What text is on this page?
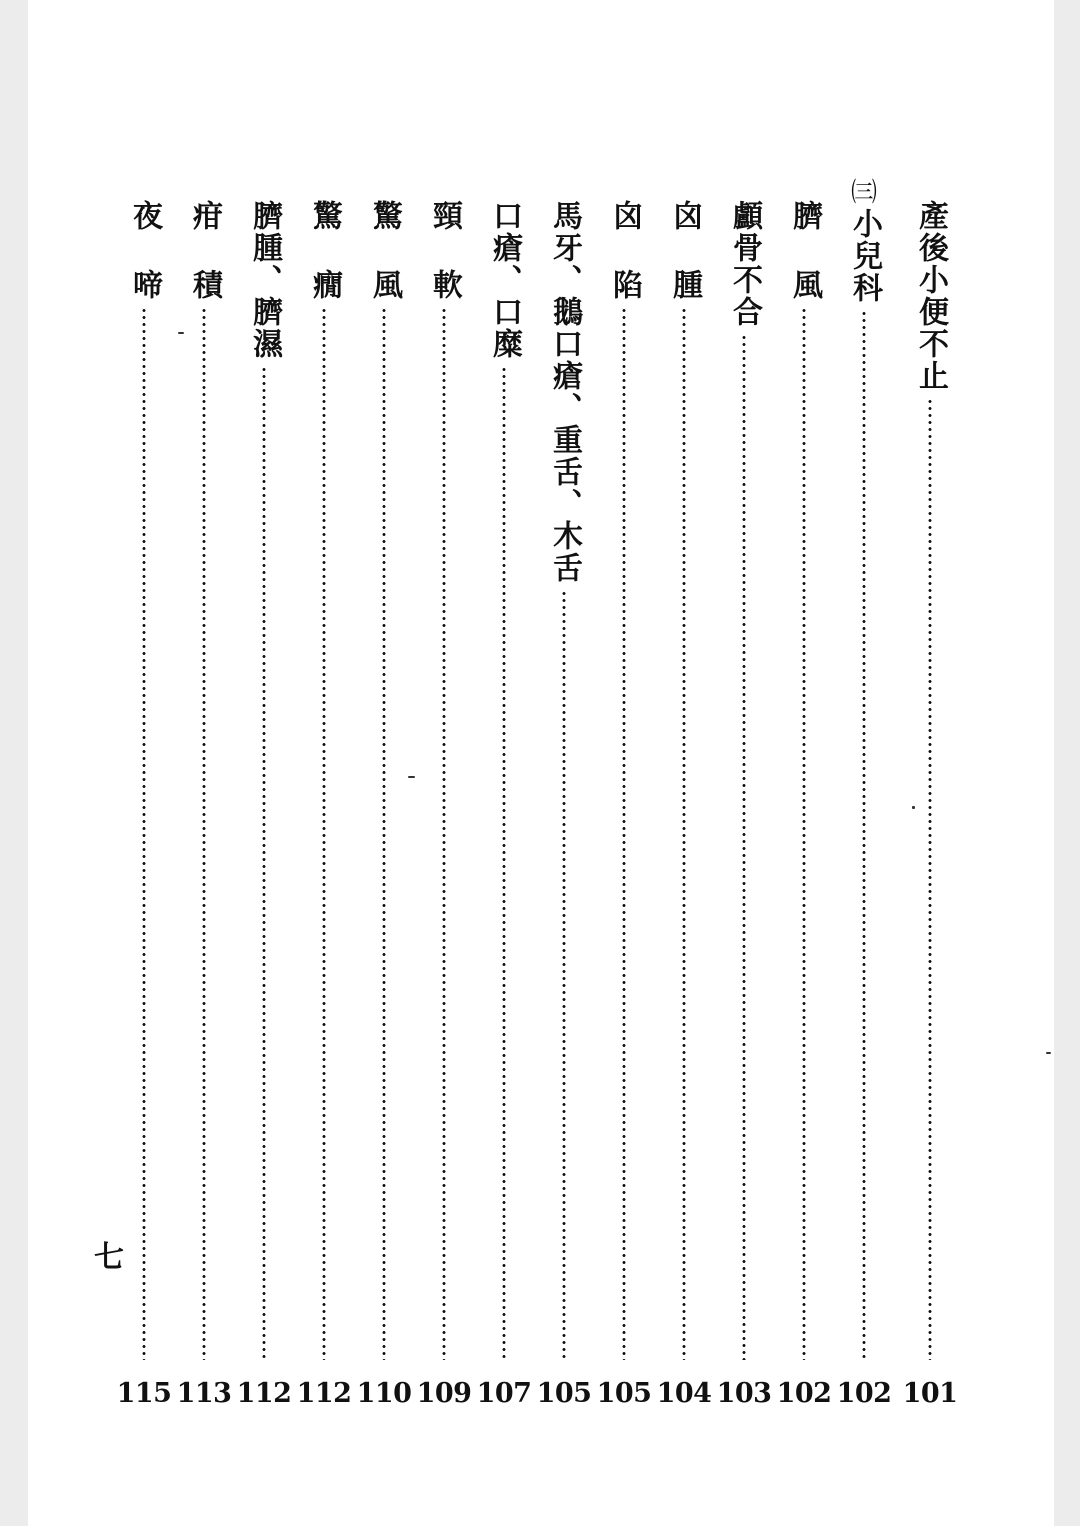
產後小便不止
101
㈢
小兒科
102
臍 風
102
顱骨不合
103
囟 腫
104
囟 陷
105
馬牙、鵝口瘡、重舌、木舌
105
口瘡、口糜
107
頸 軟
109
驚 風
110
驚 癇
112
臍腫、臍濕
112
疳 積
113
夜 啼
115
七
